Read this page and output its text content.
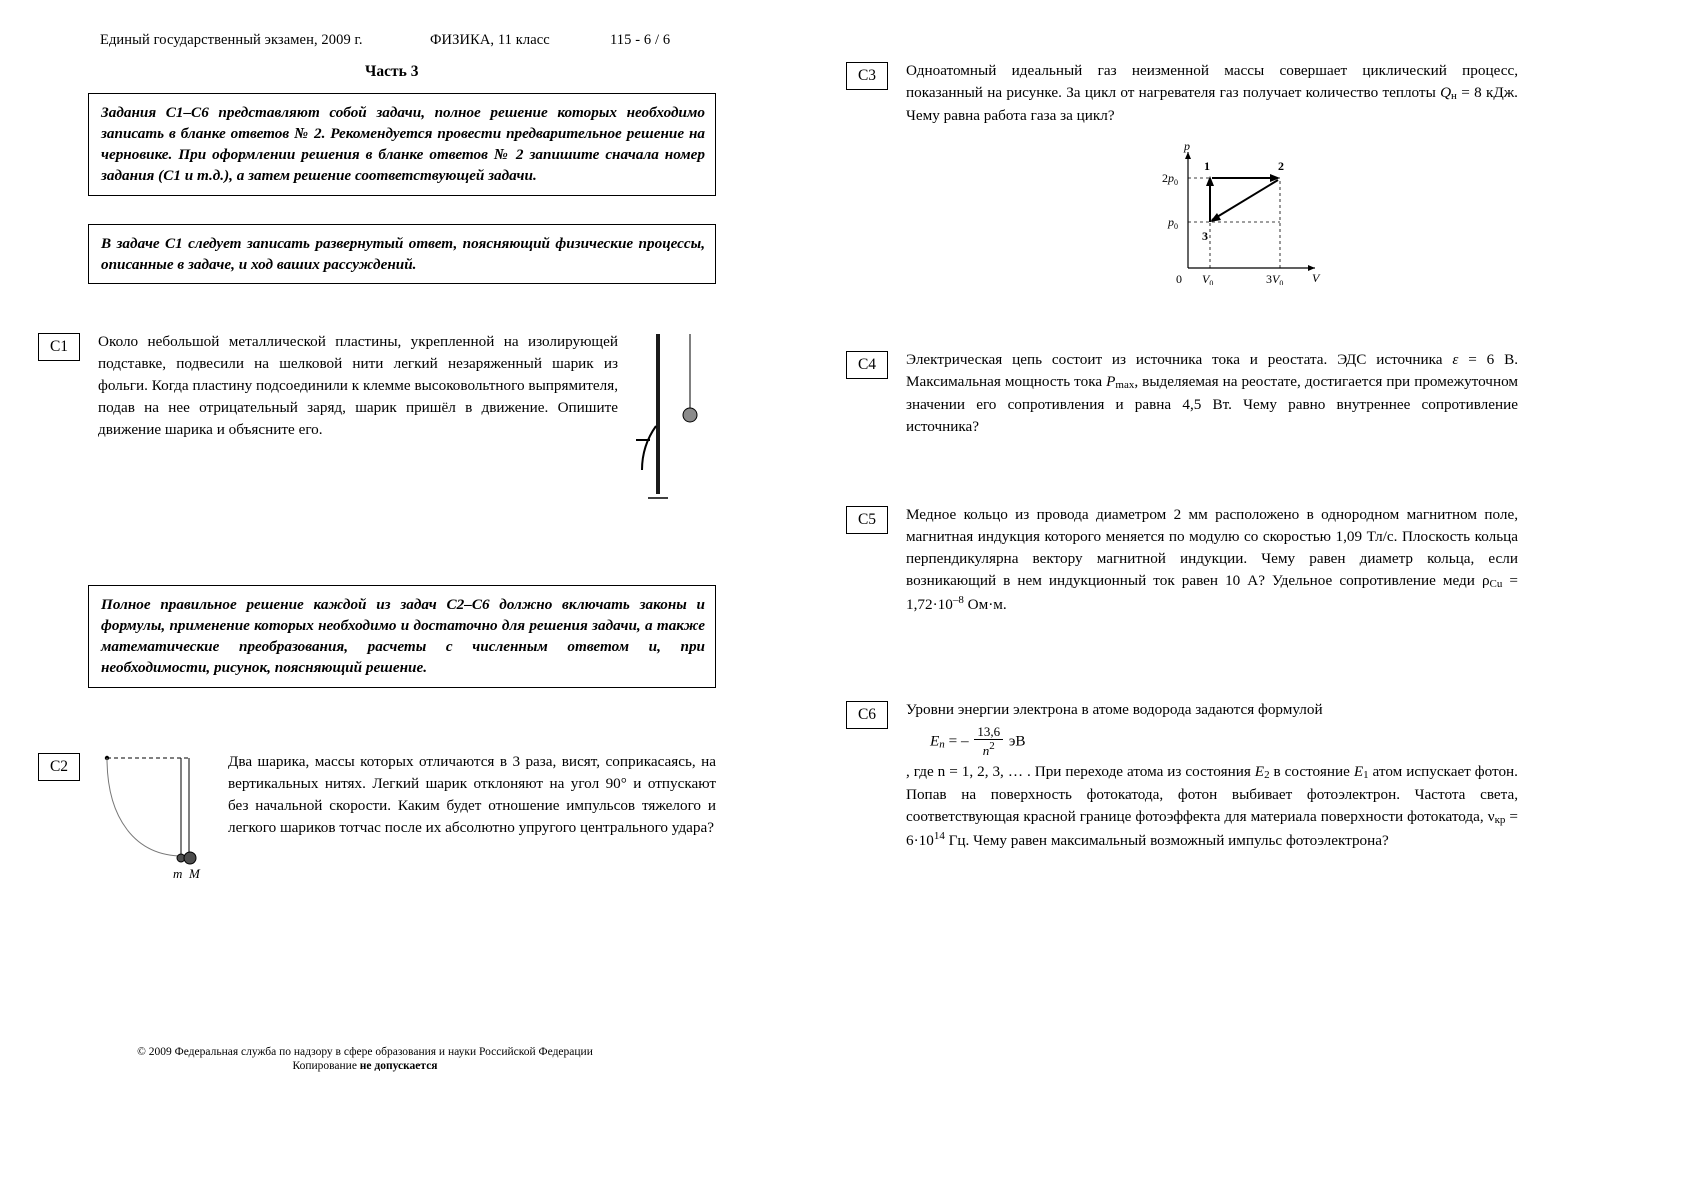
Единый государственный экзамен, 2009 г.	ФИЗИКА, 11 класс	115 - 6 / 6
Часть 3
Задания С1–С6 представляют собой задачи, полное решение которых необходимо записать в бланке ответов № 2. Рекомендуется провести предварительное решение на черновике. При оформлении решения в бланке ответов № 2 запишите сначала номер задания (С1 и т.д.), а затем решение соответствующей задачи.
В задаче С1 следует записать развернутый ответ, поясняющий физические процессы, описанные в задаче, и ход ваших рассуждений.
Полное правильное решение каждой из задач С2–С6 должно включать законы и формулы, применение которых необходимо и достаточно для решения задачи, а также математические преобразования, расчеты с численным ответом и, при необходимости, рисунок, поясняющий решение.
C1	Около небольшой металлической пластины, укрепленной на изолирующей подставке, подвесили на шелковой нити легкий незаряженный шарик из фольги. Когда пластину подсоединили к клемме высоковольтного выпрямителя, подав на нее отрицательный заряд, шарик пришёл в движение. Опишите движение шарика и объясните его.
C2	Два шарика, массы которых отличаются в 3 раза, висят, соприкасаясь, на вертикальных нитях. Легкий шарик отклоняют на угол 90° и отпускают без начальной скорости. Каким будет отношение импульсов тяжелого и легкого шариков тотчас после их абсолютно упругого центрального удара?
m M
C3	Одноатомный идеальный газ неизменной массы совершает циклический процесс, показанный на рисунке. За цикл от нагревателя газ получает количество теплоты Qн = 8 кДж. Чему равна работа газа за цикл?
p
V
0
$2p_0$
$p_0$
$V_0$	$3V_0$
1	2
3
C4	Электрическая цепь состоит из источника тока и реостата. ЭДС источника ε = 6 В. Максимальная мощность тока Pmax, выделяемая на реостате, достигается при промежуточном значении его сопротивления и равна 4,5 Вт. Чему равно внутреннее сопротивление источника?
C5	Медное кольцо из провода диаметром 2 мм расположено в однородном магнитном поле, магнитная индукция которого меняется по модулю со скоростью 1,09 Тл/с. Плоскость кольца перпендикулярна вектору магнитной индукции. Чему равен диаметр кольца, если возникающий в нем индукционный ток равен 10 А? Удельное сопротивление меди $\rho Cu = 1,72\cdot 10^{-8}$ Ом·м.
C6	Уровни энергии электрона в атоме водорода задаются формулой
En = – $\frac{13,6}{n^2}$ эВ
, где n = 1, 2, 3, … . При переходе атома из состояния E2 в состояние E1 атом испускает фотон. Попав на поверхность фотокатода, фотон выбивает фотоэлектрон. Частота света, соответствующая красной границе фотоэффекта для материала поверхности фотокатода, $\nu кр = 6\cdot 10^{14}$ Гц. Чему равен максимальный возможный импульс фотоэлектрона?
© 2009 Федеральная служба по надзору в сфере образования и науки Российской Федерации
Копирование не допускается
